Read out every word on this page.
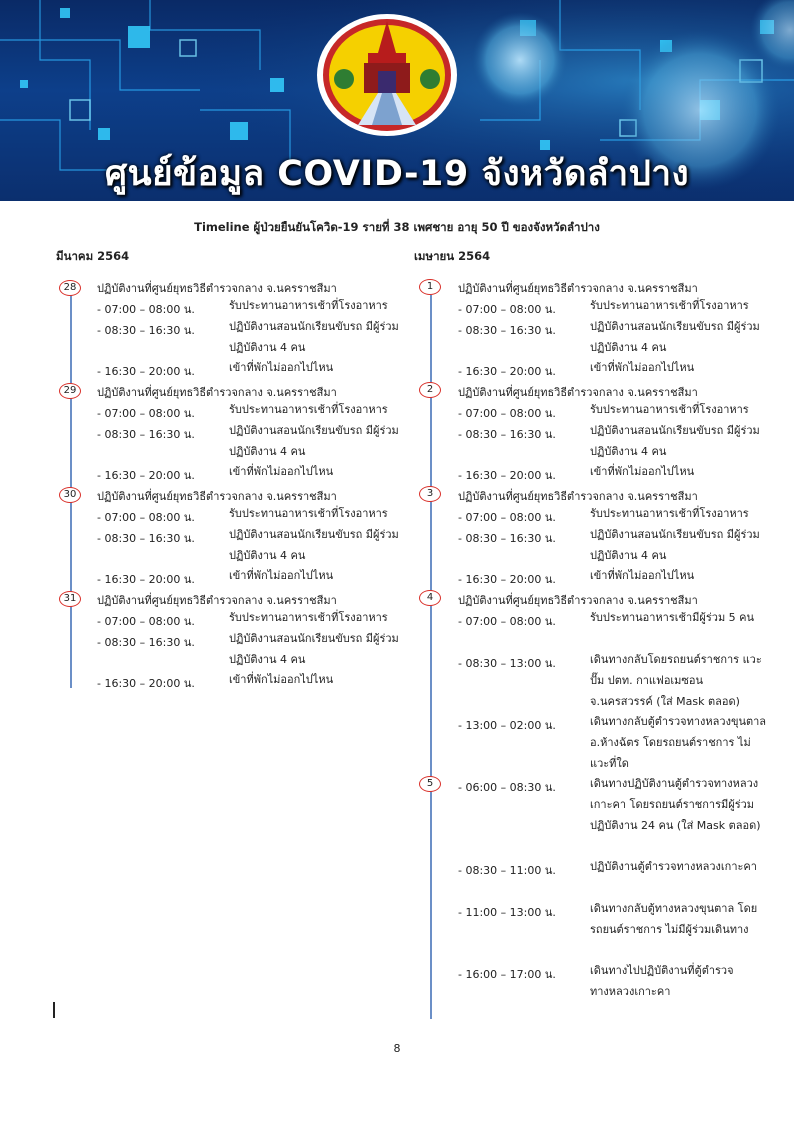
ศูนย์ข้อมูล COVID-19 จังหวัดลำปาง
Timeline ผู้ป่วยยืนยันโควิด-19 รายที่ 38 เพศชาย อายุ 50 ปี ของจังหวัดลำปาง
มีนาคม 2564	เมษายน 2564
28	ปฏิบัติงานที่ศูนย์ยุทธวิธีตำรวจกลาง จ.นครราชสีมา
- 07:00 – 08:00 น.	รับประทานอาหารเช้าที่โรงอาหาร
- 08:30 – 16:30 น.	ปฏิบัติงานสอนนักเรียนขับรถ มีผู้ร่วมปฏิบัติงาน 4 คน
- 16:30 – 20:00 น.	เข้าที่พักไม่ออกไปไหน
29	ปฏิบัติงานที่ศูนย์ยุทธวิธีตำรวจกลาง จ.นครราชสีมา
- 07:00 – 08:00 น.	รับประทานอาหารเช้าที่โรงอาหาร
- 08:30 – 16:30 น.	ปฏิบัติงานสอนนักเรียนขับรถ มีผู้ร่วมปฏิบัติงาน 4 คน
- 16:30 – 20:00 น.	เข้าที่พักไม่ออกไปไหน
30	ปฏิบัติงานที่ศูนย์ยุทธวิธีตำรวจกลาง จ.นครราชสีมา
- 07:00 – 08:00 น.	รับประทานอาหารเช้าที่โรงอาหาร
- 08:30 – 16:30 น.	ปฏิบัติงานสอนนักเรียนขับรถ มีผู้ร่วมปฏิบัติงาน 4 คน
- 16:30 – 20:00 น.	เข้าที่พักไม่ออกไปไหน
31	ปฏิบัติงานที่ศูนย์ยุทธวิธีตำรวจกลาง จ.นครราชสีมา
- 07:00 – 08:00 น.	รับประทานอาหารเช้าที่โรงอาหาร
- 08:30 – 16:30 น.	ปฏิบัติงานสอนนักเรียนขับรถ มีผู้ร่วมปฏิบัติงาน 4 คน
- 16:30 – 20:00 น.	เข้าที่พักไม่ออกไปไหน
1	ปฏิบัติงานที่ศูนย์ยุทธวิธีตำรวจกลาง จ.นครราชสีมา
- 07:00 – 08:00 น.	รับประทานอาหารเช้าที่โรงอาหาร
- 08:30 – 16:30 น.	ปฏิบัติงานสอนนักเรียนขับรถ มีผู้ร่วมปฏิบัติงาน 4 คน
- 16:30 – 20:00 น.	เข้าที่พักไม่ออกไปไหน
2	ปฏิบัติงานที่ศูนย์ยุทธวิธีตำรวจกลาง จ.นครราชสีมา
- 07:00 – 08:00 น.	รับประทานอาหารเช้าที่โรงอาหาร
- 08:30 – 16:30 น.	ปฏิบัติงานสอนนักเรียนขับรถ มีผู้ร่วมปฏิบัติงาน 4 คน
- 16:30 – 20:00 น.	เข้าที่พักไม่ออกไปไหน
3	ปฏิบัติงานที่ศูนย์ยุทธวิธีตำรวจกลาง จ.นครราชสีมา
- 07:00 – 08:00 น.	รับประทานอาหารเช้าที่โรงอาหาร
- 08:30 – 16:30 น.	ปฏิบัติงานสอนนักเรียนขับรถ มีผู้ร่วมปฏิบัติงาน 4 คน
- 16:30 – 20:00 น.	เข้าที่พักไม่ออกไปไหน
4	ปฏิบัติงานที่ศูนย์ยุทธวิธีตำรวจกลาง จ.นครราชสีมา
- 07:00 – 08:00 น.	รับประทานอาหารเช้ามีผู้ร่วม 5 คน
- 08:30 – 13:00 น.	เดินทางกลับโดยรถยนต์ราชการ แวะปั๊ม ปตท. กาแฟอเมซอน จ.นครสวรรค์ (ใส่ Mask ตลอด)
- 13:00 – 02:00 น.	เดินทางกลับตู้ตำรวจทางหลวงขุนตาล อ.ห้างฉัตร โดยรถยนต์ราชการ ไม่แวะที่ใด
5	- 06:00 – 08:30 น.	เดินทางปฏิบัติงานตู้ตำรวจทางหลวงเกาะคา โดยรถยนต์ราชการมีผู้ร่วมปฏิบัติงาน 24 คน (ใส่ Mask ตลอด)
- 08:30 – 11:00 น.	ปฏิบัติงานตู้ตำรวจทางหลวงเกาะคา
- 11:00 – 13:00 น.	เดินทางกลับตู้ทางหลวงขุนตาล โดยรถยนต์ราชการ ไม่มีผู้ร่วมเดินทาง
- 16:00 – 17:00 น.	เดินทางไปปฏิบัติงานที่ตู้ตำรวจทางหลวงเกาะคา
8
